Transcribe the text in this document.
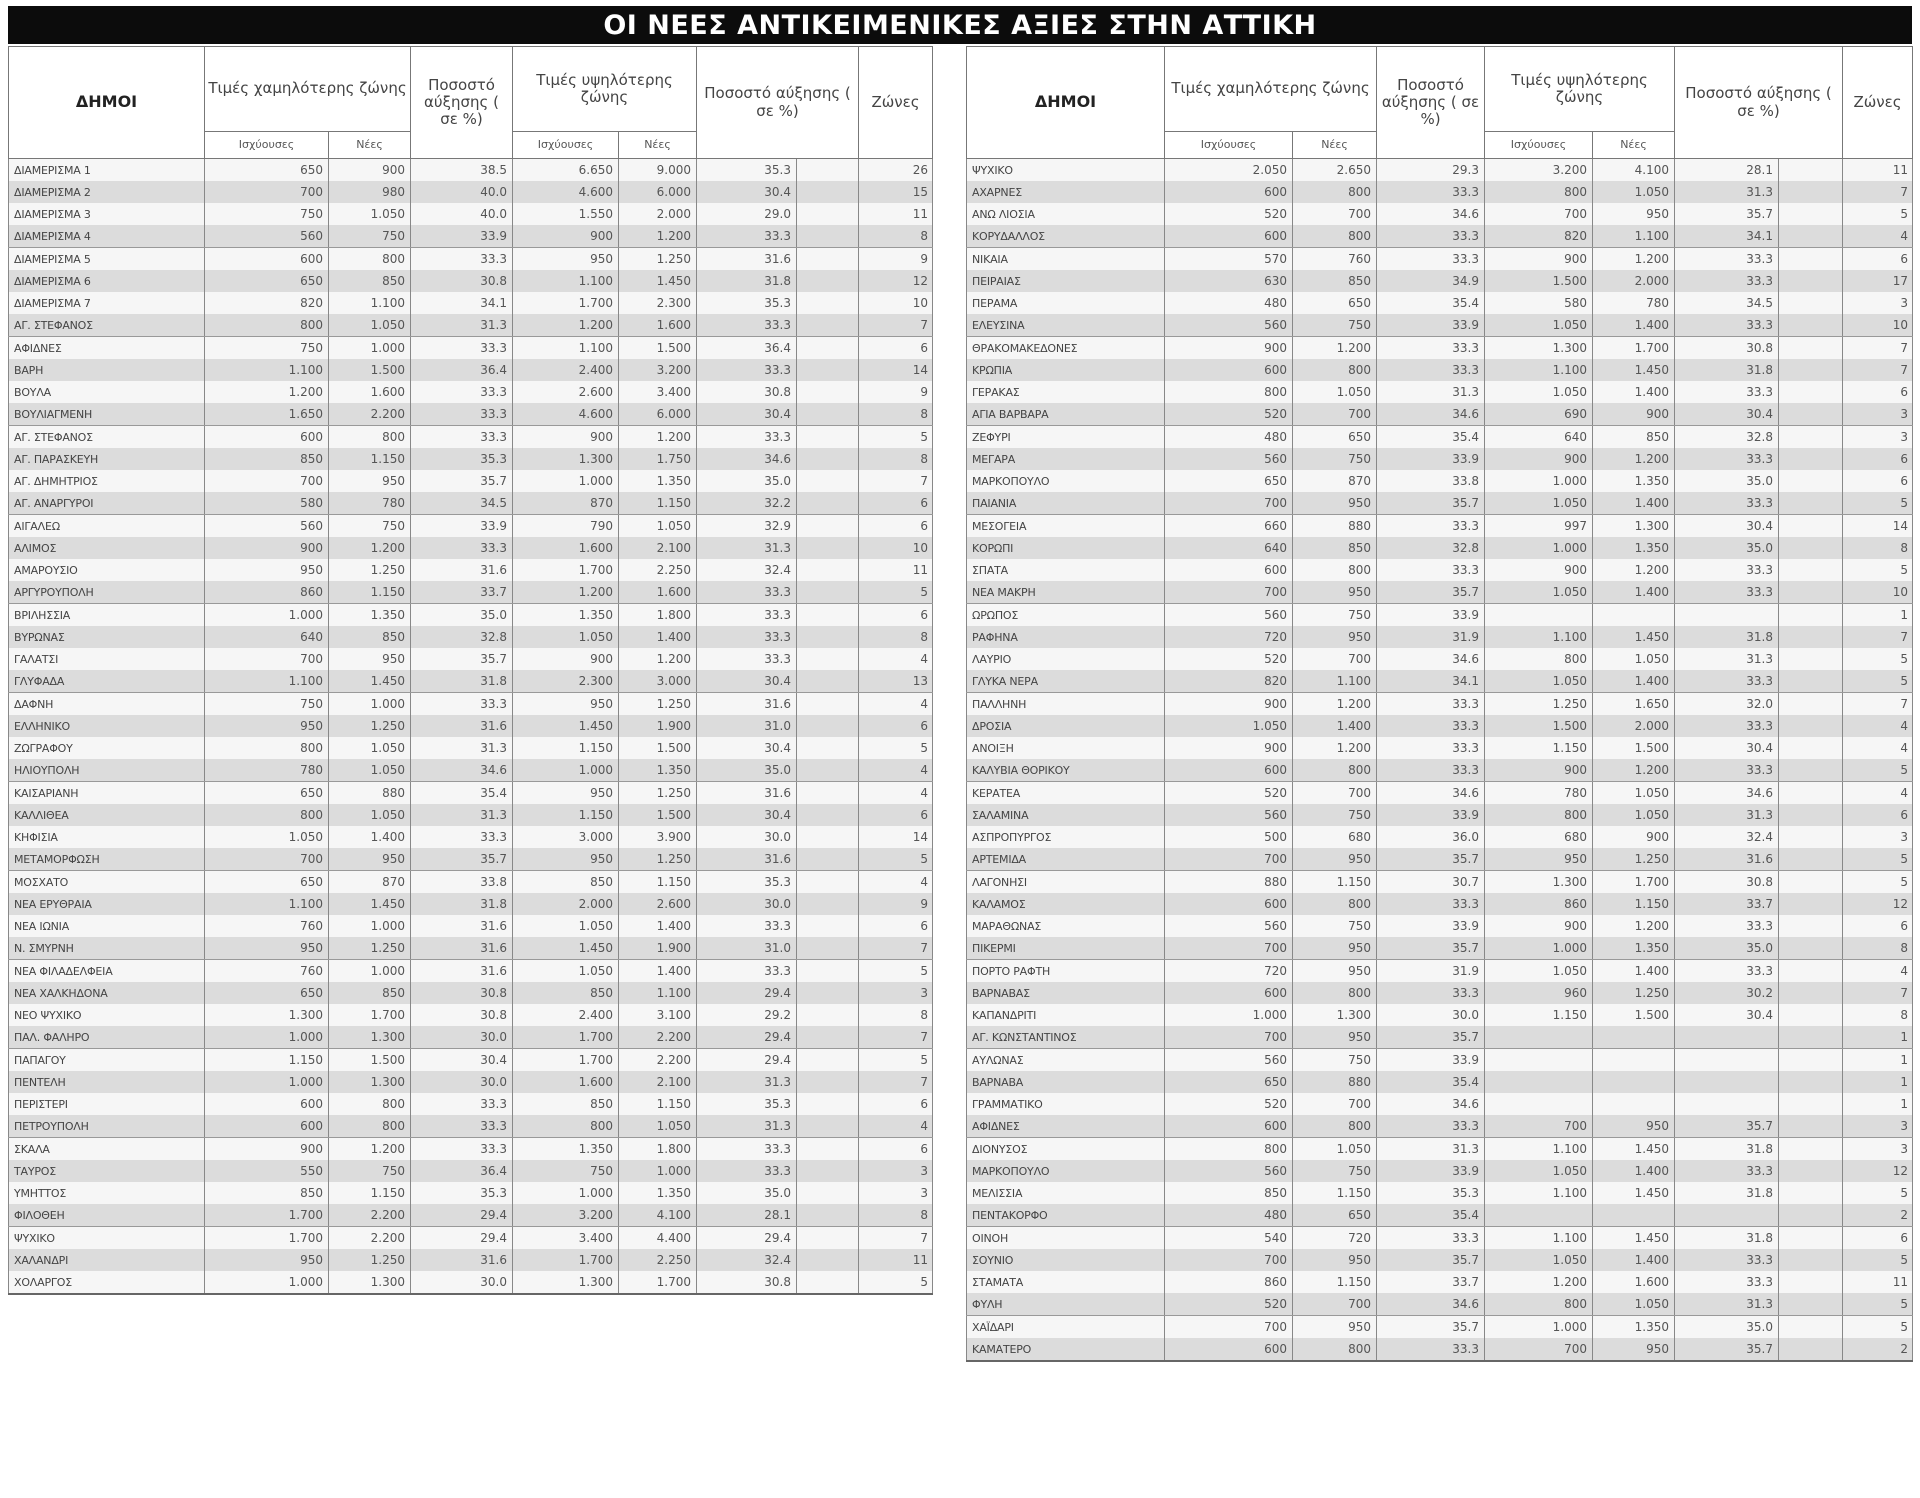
ΟΙ ΝΕΕΣ ΑΝΤΙΚΕΙΜΕΝΙΚΕΣ ΑΞΙΕΣ ΣΤΗΝ ΑΤΤΙΚΗ
ΔΗΜΟΙ	Τιμές χαμηλότερης ζώνης		Ποσοστό αύξησης ( σε %)	Τιμές υψηλότερης ζώνης		Ποσοστό αύξησης ( σε %)		Ζώνες
	Ισχύουσες	Νέες		Ισχύουσες	Νέες			
ΔΙΑΜΕΡΙΣΜΑ 1	650	900	38.5	6.650	9.000	35.3		26
ΔΙΑΜΕΡΙΣΜΑ 2	700	980	40.0	4.600	6.000	30.4		15
ΔΙΑΜΕΡΙΣΜΑ 3	750	1.050	40.0	1.550	2.000	29.0		11
ΔΙΑΜΕΡΙΣΜΑ 4	560	750	33.9	900	1.200	33.3		8
ΔΙΑΜΕΡΙΣΜΑ 5	600	800	33.3	950	1.250	31.6		9
ΔΙΑΜΕΡΙΣΜΑ 6	650	850	30.8	1.100	1.450	31.8		12
ΔΙΑΜΕΡΙΣΜΑ 7	820	1.100	34.1	1.700	2.300	35.3		10
ΑΓ. ΣΤΕΦΑΝΟΣ	800	1.050	31.3	1.200	1.600	33.3		7
ΑΦΙΔΝΕΣ	750	1.000	33.3	1.100	1.500	36.4		6
ΒΑΡΗ	1.100	1.500	36.4	2.400	3.200	33.3		14
ΒΟΥΛΑ	1.200	1.600	33.3	2.600	3.400	30.8		9
ΒΟΥΛΙΑΓΜΕΝΗ	1.650	2.200	33.3	4.600	6.000	30.4		8
ΑΓ. ΣΤΕΦΑΝΟΣ	600	800	33.3	900	1.200	33.3		5
ΑΓ. ΠΑΡΑΣΚΕΥΗ	850	1.150	35.3	1.300	1.750	34.6		8
ΑΓ. ΔΗΜΗΤΡΙΟΣ	700	950	35.7	1.000	1.350	35.0		7
ΑΓ. ΑΝΑΡΓΥΡΟΙ	580	780	34.5	870	1.150	32.2		6
ΑΙΓΑΛΕΩ	560	750	33.9	790	1.050	32.9		6
ΑΛΙΜΟΣ	900	1.200	33.3	1.600	2.100	31.3		10
ΑΜΑΡΟΥΣΙΟ	950	1.250	31.6	1.700	2.250	32.4		11
ΑΡΓΥΡΟΥΠΟΛΗ	860	1.150	33.7	1.200	1.600	33.3		5
ΒΡΙΛΗΣΣΙΑ	1.000	1.350	35.0	1.350	1.800	33.3		6
ΒΥΡΩΝΑΣ	640	850	32.8	1.050	1.400	33.3		8
ΓΑΛΑΤΣΙ	700	950	35.7	900	1.200	33.3		4
ΓΛΥΦΑΔΑ	1.100	1.450	31.8	2.300	3.000	30.4		13
ΔΑΦΝΗ	750	1.000	33.3	950	1.250	31.6		4
ΕΛΛΗΝΙΚΟ	950	1.250	31.6	1.450	1.900	31.0		6
ΖΩΓΡΑΦΟΥ	800	1.050	31.3	1.150	1.500	30.4		5
ΗΛΙΟΥΠΟΛΗ	780	1.050	34.6	1.000	1.350	35.0		4
ΚΑΙΣΑΡΙΑΝΗ	650	880	35.4	950	1.250	31.6		4
ΚΑΛΛΙΘΕΑ	800	1.050	31.3	1.150	1.500	30.4		6
ΚΗΦΙΣΙΑ	1.050	1.400	33.3	3.000	3.900	30.0		14
ΜΕΤΑΜΟΡΦΩΣΗ	700	950	35.7	950	1.250	31.6		5
ΜΟΣΧΑΤΟ	650	870	33.8	850	1.150	35.3		4
ΝΕΑ ΕΡΥΘΡΑΙΑ	1.100	1.450	31.8	2.000	2.600	30.0		9
ΝΕΑ ΙΩΝΙΑ	760	1.000	31.6	1.050	1.400	33.3		6
Ν. ΣΜΥΡΝΗ	950	1.250	31.6	1.450	1.900	31.0		7
ΝΕΑ ΦΙΛΑΔΕΛΦΕΙΑ	760	1.000	31.6	1.050	1.400	33.3		5
ΝΕΑ ΧΑΛΚΗΔΟΝΑ	650	850	30.8	850	1.100	29.4		3
ΝΕΟ ΨΥΧΙΚΟ	1.300	1.700	30.8	2.400	3.100	29.2		8
ΠΑΛ. ΦΑΛΗΡΟ	1.000	1.300	30.0	1.700	2.200	29.4		7
ΠΑΠΑΓΟΥ	1.150	1.500	30.4	1.700	2.200	29.4		5
ΠΕΝΤΕΛΗ	1.000	1.300	30.0	1.600	2.100	31.3		7
ΠΕΡΙΣΤΕΡΙ	600	800	33.3	850	1.150	35.3		6
ΠΕΤΡΟΥΠΟΛΗ	600	800	33.3	800	1.050	31.3		4
ΣΚΑΛΑ	900	1.200	33.3	1.350	1.800	33.3		6
ΤΑΥΡΟΣ	550	750	36.4	750	1.000	33.3		3
ΥΜΗΤΤΟΣ	850	1.150	35.3	1.000	1.350	35.0		3
ΦΙΛΟΘΕΗ	1.700	2.200	29.4	3.200	4.100	28.1		8
ΨΥΧΙΚΟ	1.700	2.200	29.4	3.400	4.400	29.4		7
ΧΑΛΑΝΔΡΙ	950	1.250	31.6	1.700	2.250	32.4		11
ΧΟΛΑΡΓΟΣ	1.000	1.300	30.0	1.300	1.700	30.8		5
ΔΗΜΟΙ	Τιμές χαμηλότερης ζώνης		Ποσοστό αύξησης ( σε %)	Τιμές υψηλότερης ζώνης		Ποσοστό αύξησης ( σε %)		Ζώνες
	Ισχύουσες	Νέες		Ισχύουσες	Νέες			
ΨΥΧΙΚΟ	2.050	2.650	29.3	3.200	4.100	28.1		11
ΑΧΑΡΝΕΣ	600	800	33.3	800	1.050	31.3		7
ΑΝΩ ΛΙΟΣΙΑ	520	700	34.6	700	950	35.7		5
ΚΟΡΥΔΑΛΛΟΣ	600	800	33.3	820	1.100	34.1		4
ΝΙΚΑΙΑ	570	760	33.3	900	1.200	33.3		6
ΠΕΙΡΑΙΑΣ	630	850	34.9	1.500	2.000	33.3		17
ΠΕΡΑΜΑ	480	650	35.4	580	780	34.5		3
ΕΛΕΥΣΙΝΑ	560	750	33.9	1.050	1.400	33.3		10
ΘΡΑΚΟΜΑΚΕΔΟΝΕΣ	900	1.200	33.3	1.300	1.700	30.8		7
ΚΡΩΠΙΑ	600	800	33.3	1.100	1.450	31.8		7
ΓΕΡΑΚΑΣ	800	1.050	31.3	1.050	1.400	33.3		6
ΑΓΙΑ ΒΑΡΒΑΡΑ	520	700	34.6	690	900	30.4		3
ΖΕΦΥΡΙ	480	650	35.4	640	850	32.8		3
ΜΕΓΑΡΑ	560	750	33.9	900	1.200	33.3		6
ΜΑΡΚΟΠΟΥΛΟ	650	870	33.8	1.000	1.350	35.0		6
ΠΑΙΑΝΙΑ	700	950	35.7	1.050	1.400	33.3		5
ΜΕΣΟΓΕΙΑ	660	880	33.3	997	1.300	30.4		14
ΚΟΡΩΠΙ	640	850	32.8	1.000	1.350	35.0		8
ΣΠΑΤΑ	600	800	33.3	900	1.200	33.3		5
ΝΕΑ ΜΑΚΡΗ	700	950	35.7	1.050	1.400	33.3		10
ΩΡΩΠΟΣ	560	750	33.9					1
ΡΑΦΗΝΑ	720	950	31.9	1.100	1.450	31.8		7
ΛΑΥΡΙΟ	520	700	34.6	800	1.050	31.3		5
ΓΛΥΚΑ ΝΕΡΑ	820	1.100	34.1	1.050	1.400	33.3		5
ΠΑΛΛΗΝΗ	900	1.200	33.3	1.250	1.650	32.0		7
ΔΡΟΣΙΑ	1.050	1.400	33.3	1.500	2.000	33.3		4
ΑΝΟΙΞΗ	900	1.200	33.3	1.150	1.500	30.4		4
ΚΑΛΥΒΙΑ ΘΟΡΙΚΟΥ	600	800	33.3	900	1.200	33.3		5
ΚΕΡΑΤΕΑ	520	700	34.6	780	1.050	34.6		4
ΣΑΛΑΜΙΝΑ	560	750	33.9	800	1.050	31.3		6
ΑΣΠΡΟΠΥΡΓΟΣ	500	680	36.0	680	900	32.4		3
ΑΡΤΕΜΙΔΑ	700	950	35.7	950	1.250	31.6		5
ΛΑΓΟΝΗΣΙ	880	1.150	30.7	1.300	1.700	30.8		5
ΚΑΛΑΜΟΣ	600	800	33.3	860	1.150	33.7		12
ΜΑΡΑΘΩΝΑΣ	560	750	33.9	900	1.200	33.3		6
ΠΙΚΕΡΜΙ	700	950	35.7	1.000	1.350	35.0		8
ΠΟΡΤΟ ΡΑΦΤΗ	720	950	31.9	1.050	1.400	33.3		4
ΒΑΡΝΑΒΑΣ	600	800	33.3	960	1.250	30.2		7
ΚΑΠΑΝΔΡΙΤΙ	1.000	1.300	30.0	1.150	1.500	30.4		8
ΑΓ. ΚΩΝΣΤΑΝΤΙΝΟΣ	700	950	35.7					1
ΑΥΛΩΝΑΣ	560	750	33.9					1
ΒΑΡΝΑΒΑ	650	880	35.4					1
ΓΡΑΜΜΑΤΙΚΟ	520	700	34.6					1
ΑΦΙΔΝΕΣ	600	800	33.3	700	950	35.7		3
ΔΙΟΝΥΣΟΣ	800	1.050	31.3	1.100	1.450	31.8		3
ΜΑΡΚΟΠΟΥΛΟ	560	750	33.9	1.050	1.400	33.3		12
ΜΕΛΙΣΣΙΑ	850	1.150	35.3	1.100	1.450	31.8		5
ΠΕΝΤΑΚΟΡΦΟ	480	650	35.4					2
ΟΙΝΟΗ	540	720	33.3	1.100	1.450	31.8		6
ΣΟΥΝΙΟ	700	950	35.7	1.050	1.400	33.3		5
ΣΤΑΜΑΤΑ	860	1.150	33.7	1.200	1.600	33.3		11
ΦΥΛΗ	520	700	34.6	800	1.050	31.3		5
ΧΑΪΔΑΡΙ	700	950	35.7	1.000	1.350	35.0		5
ΚΑΜΑΤΕΡΟ	600	800	33.3	700	950	35.7		2
